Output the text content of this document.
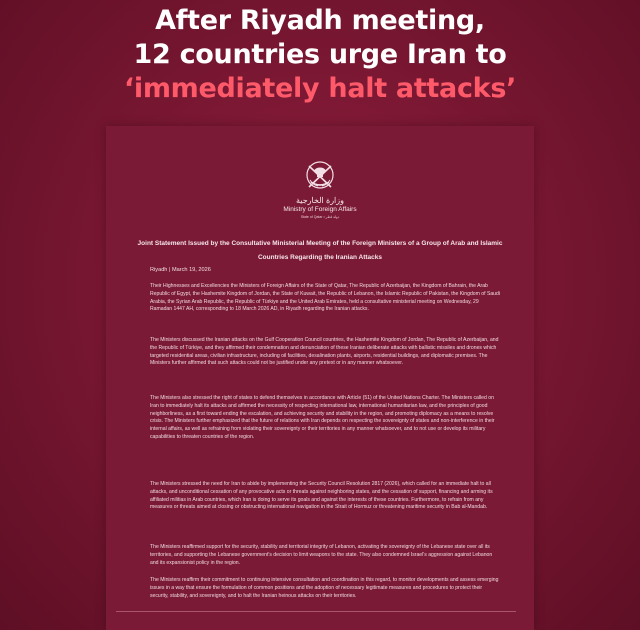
After Riyadh meeting,
12 countries urge Iran to
‘immediately halt attacks’
وزارة الخارجية
Ministry of Foreign Affairs
State of Qatar • دولة قطر
Joint Statement Issued by the Consultative Ministerial Meeting of the Foreign Ministers of a Group of Arab and Islamic Countries Regarding the Iranian Attacks
Riyadh | March 19, 2026

Their Highnesses and Excellencies the Ministers of Foreign Affairs of the State of Qatar, The Republic of Azerbaijan, the Kingdom of Bahrain, the Arab Republic of Egypt, the Hashemite Kingdom of Jordan, the State of Kuwait, the Republic of Lebanon, the Islamic Republic of Pakistan, the Kingdom of Saudi Arabia, the Syrian Arab Republic, the Republic of Türkiye and the United Arab Emirates, held a consultative ministerial meeting on Wednesday, 29 Ramadan 1447 AH, corresponding to 18 March 2026 AD, in Riyadh regarding the Iranian attacks.

The Ministers discussed the Iranian attacks on the Gulf Cooperation Council countries, the Hashemite Kingdom of Jordan, The Republic of Azerbaijan, and the Republic of Türkiye, and they affirmed their condemnation and denunciation of these Iranian deliberate attacks with ballistic missiles and drones which targeted residential areas, civilian infrastructure, including oil facilities, desalination plants, airports, residential buildings, and diplomatic premises. The Ministers further affirmed that such attacks could not be justified under any pretext or in any manner whatsoever.

The Ministers also stressed the right of states to defend themselves in accordance with Article (51) of the United Nations Charter. The Ministers called on Iran to immediately halt its attacks and affirmed the necessity of respecting international law, international humanitarian law, and the principles of good neighborliness, as a first toward ending the escalation, and achieving security and stability in the region, and promoting diplomacy as a means to resolve crisis. The Ministers further emphasized that the future of relations with Iran depends on respecting the sovereignty of states and non-interference in their internal affairs, as well as refraining from violating their sovereignty or their territories in any manner whatsoever, and to not use or develop its military capabilities to threaten countries of the region.

The Ministers stressed the need for Iran to abide by implementing the Security Council Resolution 2817 (2026), which called for an immediate halt to all attacks, and unconditional cessation of any provocative acts or threats against neighboring states, and the cessation of support, financing and arming its affiliated militias in Arab countries, which Iran is doing to serve its goals and against the interests of these countries. Furthermore, to refrain from any measures or threats aimed at closing or obstructing international navigation in the Strait of Hormuz or threatening maritime security in Bab al-Mandab.

The Ministers reaffirmed support for the security, stability and territorial integrity of Lebanon, activating the sovereignty of the Lebanese state over all its territories, and supporting the Lebanese government's decision to limit weapons to the state. They also condemned Israel's aggression against Lebanon and its expansionist policy in the region.

The Ministers reaffirm their commitment to continuing intensive consultation and coordination in this regard, to monitor developments and assess emerging issues in a way that ensure the formulation of common positions and the adoption of necessary legitimate measures and procedures to protect their security, stability, and sovereignty, and to halt the Iranian heinous attacks on their territories.
